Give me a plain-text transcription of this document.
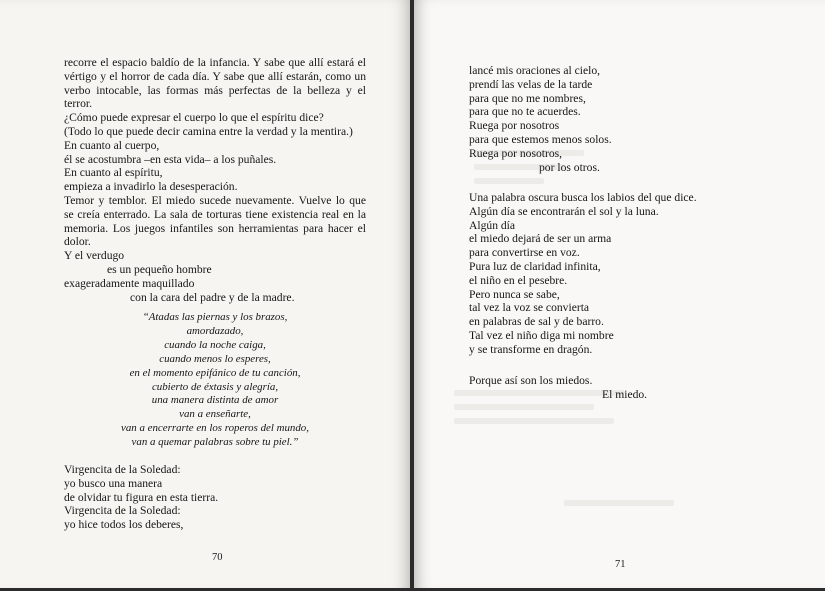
recorre el espacio baldío de la infancia. Y sabe que allí estará el
vértigo y el horror de cada día. Y sabe que allí estarán, como un
verbo intocable, las formas más perfectas de la belleza y el terror.
¿Cómo puede expresar el cuerpo lo que el espíritu dice?
(Todo lo que puede decir camina entre la verdad y la mentira.)
En cuanto al cuerpo,
él se acostumbra –en esta vida– a los puñales.
En cuanto al espíritu,
empieza a invadirlo la desesperación.
Temor y temblor. El miedo sucede nuevamente. Vuelve lo que
se creía enterrado. La sala de torturas tiene existencia real en la
memoria. Los juegos infantiles son herramientas para hacer el
dolor.
Y el verdugo
es un pequeño hombre
exageradamente maquillado
con la cara del padre y de la madre.
“Atadas las piernas y los brazos,
amordazado,
cuando la noche caiga,
cuando menos lo esperes,
en el momento epifánico de tu canción,
cubierto de éxtasis y alegría,
una manera distinta de amor
van a enseñarte,
van a encerrarte en los roperos del mundo,
van a quemar palabras sobre tu piel.”
Virgencita de la Soledad:
yo busco una manera
de olvidar tu figura en esta tierra.
Virgencita de la Soledad:
yo hice todos los deberes,
70
lancé mis oraciones al cielo,
prendí las velas de la tarde
para que no me nombres,
para que no te acuerdes.
Ruega por nosotros
para que estemos menos solos.
Ruega por nosotros,
por los otros.
Una palabra oscura busca los labios del que dice.
Algún día se encontrarán el sol y la luna.
Algún día
el miedo dejará de ser un arma
para convertirse en voz.
Pura luz de claridad infinita,
el niño en el pesebre.
Pero nunca se sabe,
tal vez la voz se convierta
en palabras de sal y de barro.
Tal vez el niño diga mi nombre
y se transforme en dragón.
Porque así son los miedos.
El miedo.
71
